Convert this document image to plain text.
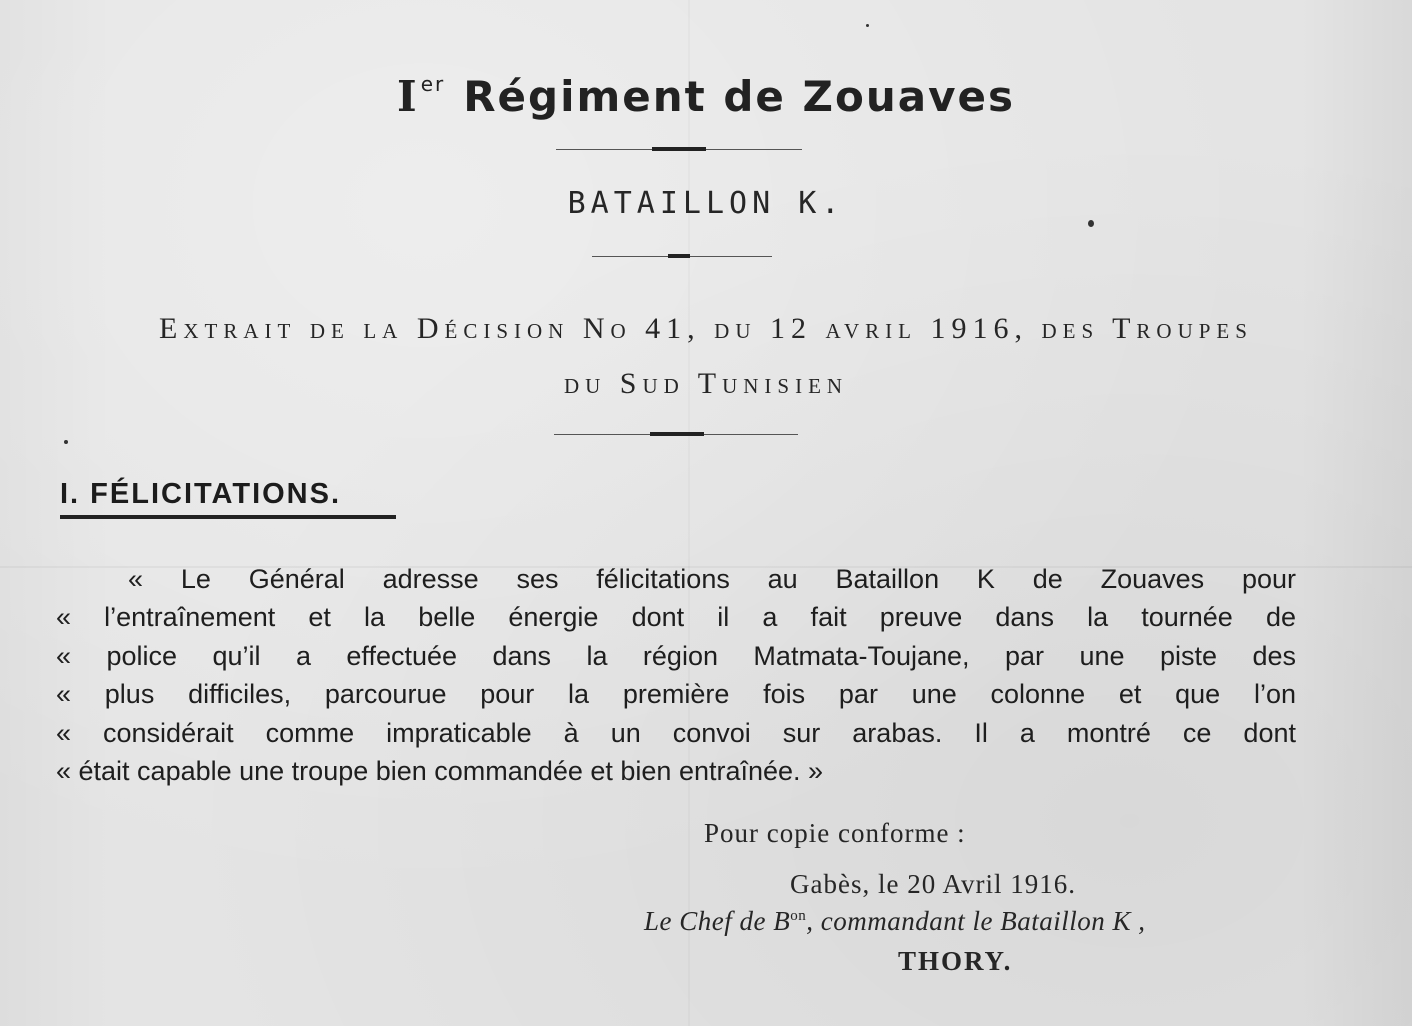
I $^{er}$ Régiment de Zouaves
BATAILLON K.
Extrait de la Décision No 41, du 12 avril 1916, des Troupes
du Sud Tunisien
I. FÉLICITATIONS.
« Le Général adresse ses félicitations au Bataillon K de Zouaves pour
« l’entraînement et la belle énergie dont il a fait preuve dans la tournée de
« police qu’il a effectuée dans la région Matmata-Toujane, par une piste des
« plus difficiles, parcourue pour la première fois par une colonne et que l’on
« considérait comme impraticable à un convoi sur arabas. Il a montré ce dont
« était capable une troupe bien commandée et bien entraînée. »
Pour copie conforme :
Gabès, le 20 Avril 1916.
Le Chef de $B^{on}$, commandant le Bataillon K ,
THORY.
